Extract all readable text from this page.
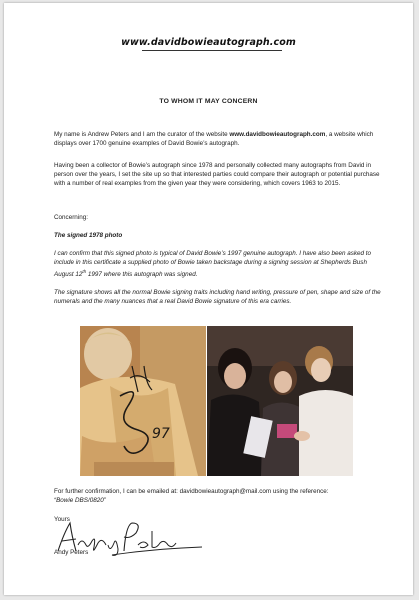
www.davidbowieautograph.com
TO WHOM IT MAY CONCERN
My name is Andrew Peters and I am the curator of the website www.davidbowieautograph.com, a website which displays over 1700 genuine examples of David Bowie’s autograph.
Having been a collector of Bowie’s autograph since 1978 and personally collected many autographs from David in person over the years, I set the site up so that interested parties could compare their autograph or potential purchase with a number of real examples from the given year they were considering, which covers 1963 to 2015.
Concerning:
The signed 1978 photo
I can confirm that this signed photo is typical of David Bowie’s 1997 genuine autograph. I have also been asked to include in this certificate a supplied photo of Bowie taken backstage during a signing session at Shepherds Bush August 12th 1997 where this autograph was signed.
The signature shows all the normal Bowie signing traits including hand writing, pressure of pen, shape and size of the numerals and the many nuances that a real David Bowie signature of this era carries.
97
For further confirmation, I can be emailed at: davidbowieautograph@mail.com using the reference:
“Bowie DBS/0820”
Yours
Andy Peters
